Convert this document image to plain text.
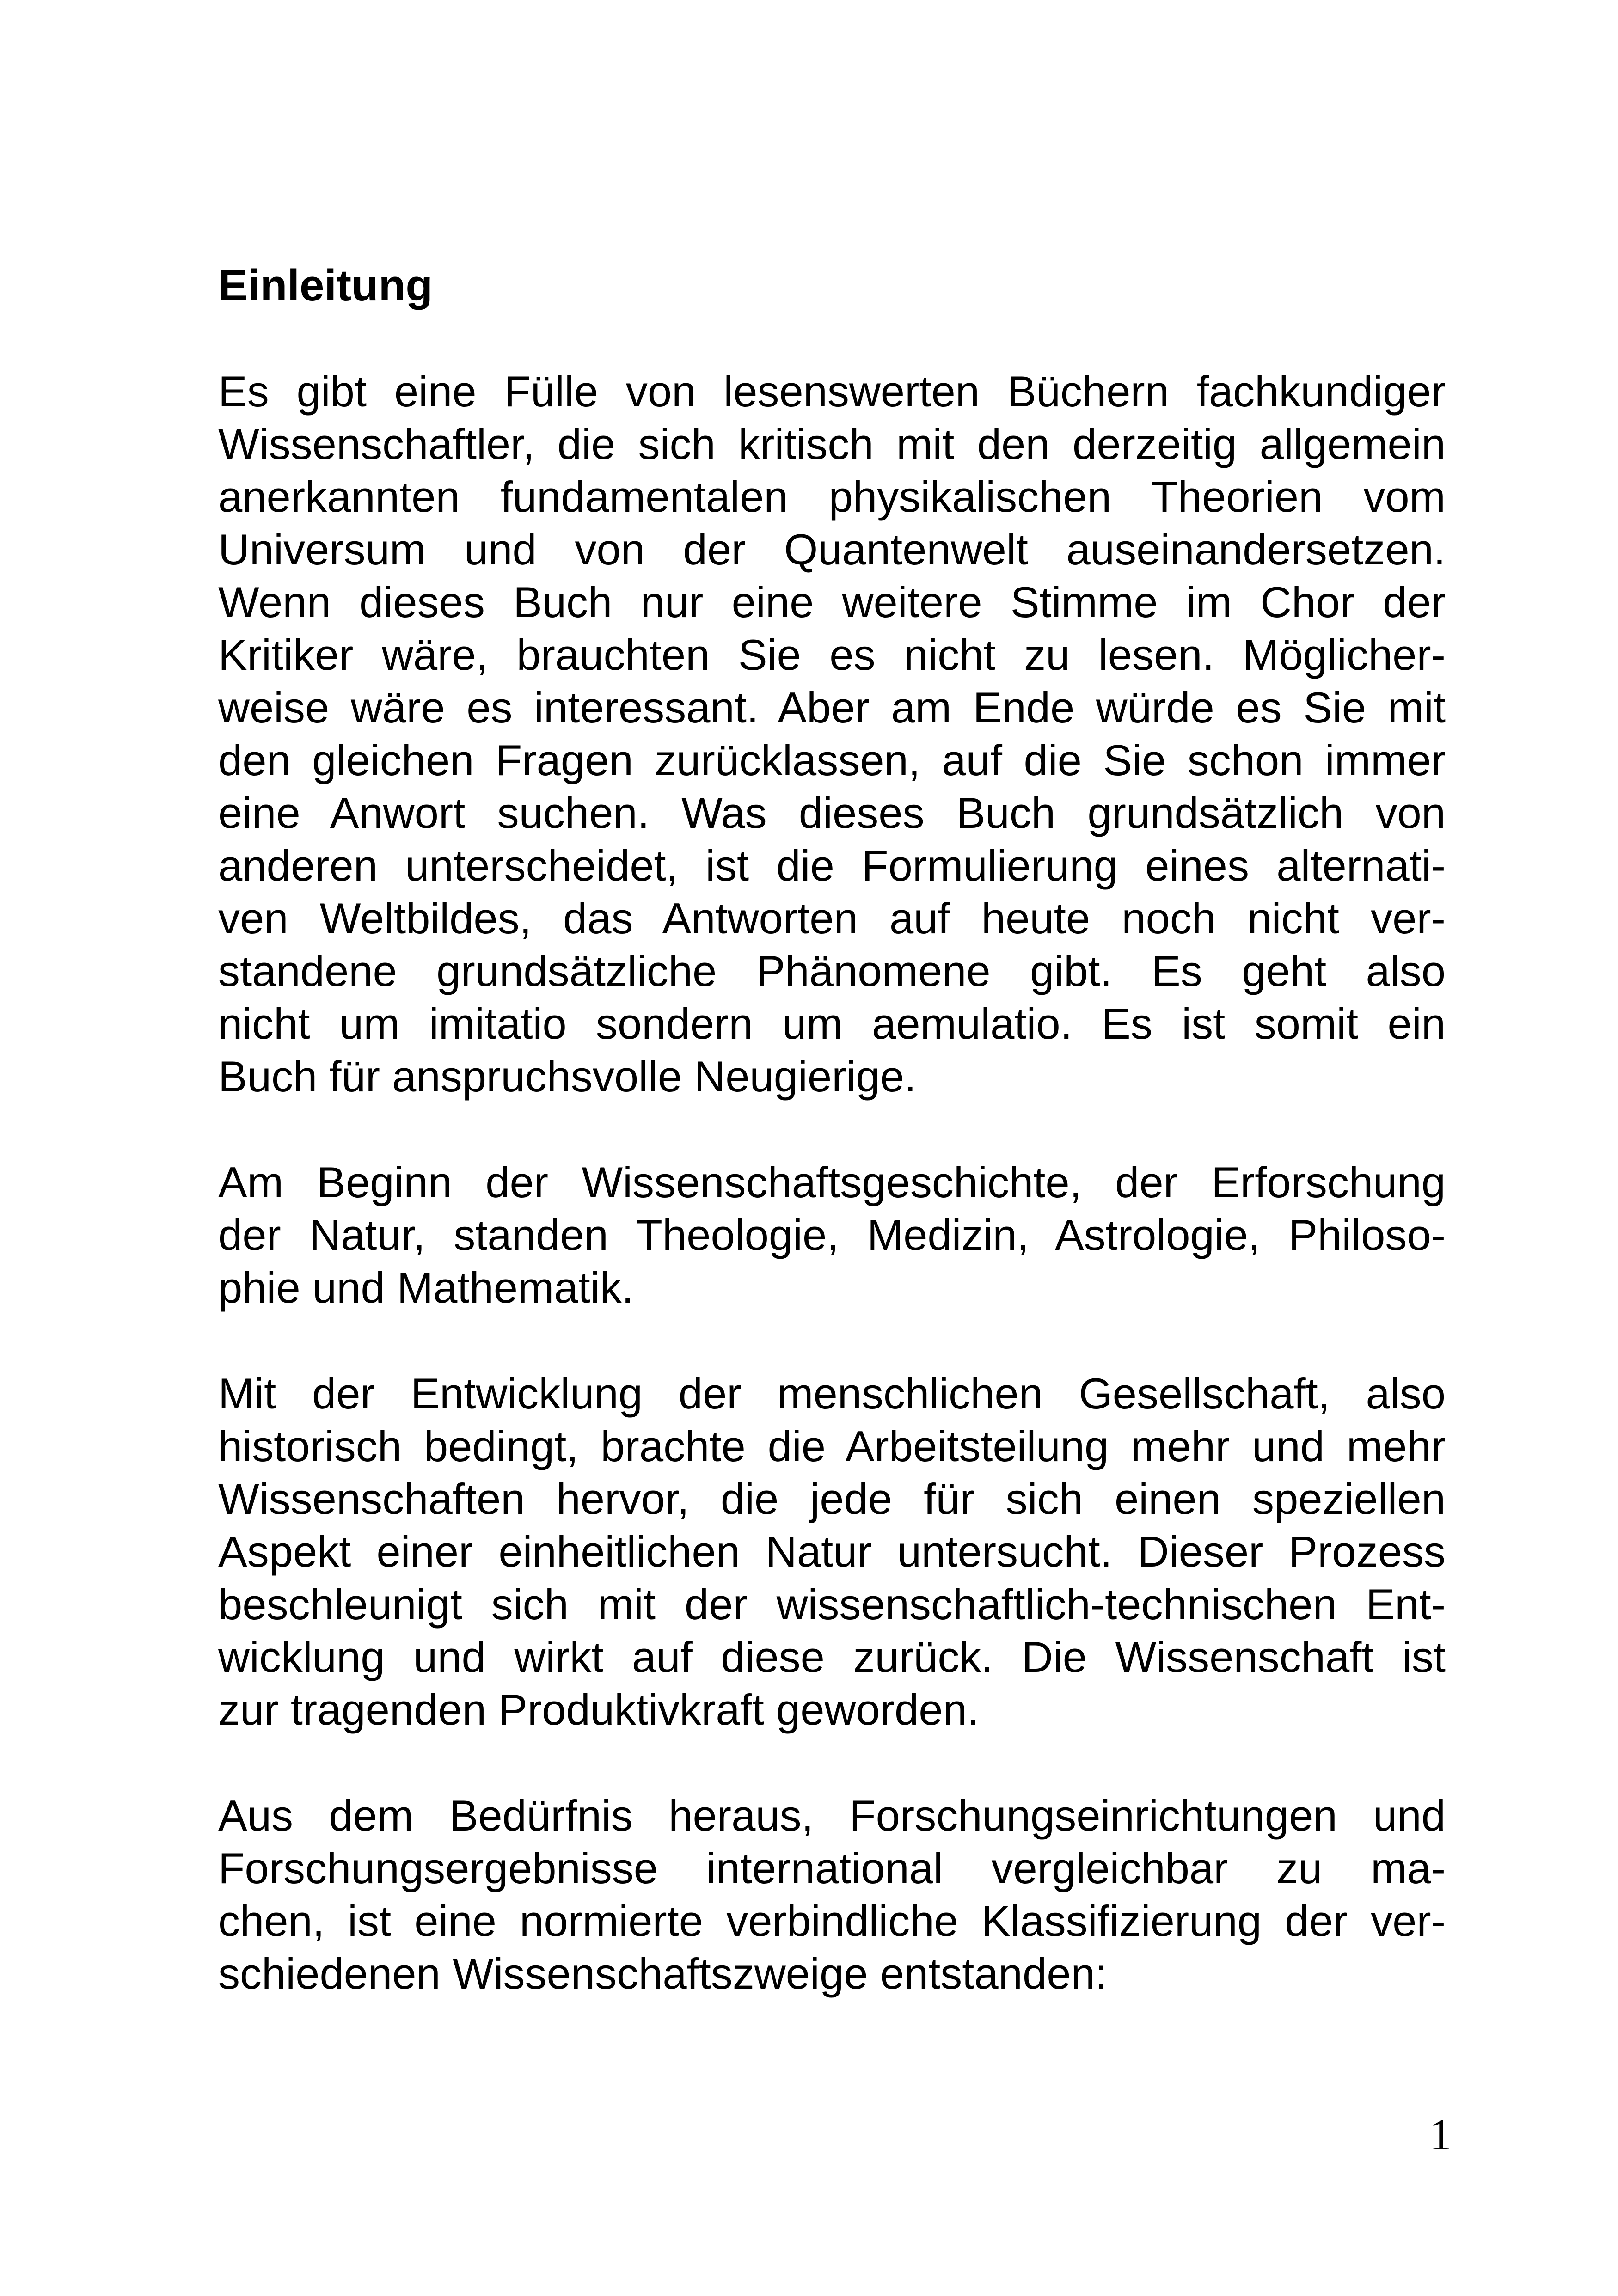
Einleitung

Es gibt eine Fülle von lesenswerten Büchern fachkundiger
Wissenschaftler, die sich kritisch mit den derzeitig allgemein
anerkannten fundamentalen physikalischen Theorien vom
Universum und von der Quantenwelt auseinandersetzen.
Wenn dieses Buch nur eine weitere Stimme im Chor der
Kritiker wäre, brauchten Sie es nicht zu lesen. Möglicher-
weise wäre es interessant. Aber am Ende würde es Sie mit
den gleichen Fragen zurücklassen, auf die Sie schon immer
eine Anwort suchen. Was dieses Buch grundsätzlich von
anderen unterscheidet, ist die Formulierung eines alternati-
ven Weltbildes, das Antworten auf heute noch nicht ver-
standene grundsätzliche Phänomene gibt. Es geht also
nicht um imitatio sondern um aemulatio. Es ist somit ein
Buch für anspruchsvolle Neugierige.

Am Beginn der Wissenschaftsgeschichte, der Erforschung
der Natur, standen Theologie, Medizin, Astrologie, Philoso-
phie und Mathematik.

Mit der Entwicklung der menschlichen Gesellschaft, also
historisch bedingt, brachte die Arbeitsteilung mehr und mehr
Wissenschaften hervor, die jede für sich einen speziellen
Aspekt einer einheitlichen Natur untersucht. Dieser Prozess
beschleunigt sich mit der wissenschaftlich-technischen Ent-
wicklung und wirkt auf diese zurück. Die Wissenschaft ist
zur tragenden Produktivkraft geworden.

Aus dem Bedürfnis heraus, Forschungseinrichtungen und
Forschungsergebnisse international vergleichbar zu ma-
chen, ist eine normierte verbindliche Klassifizierung der ver-
schiedenen Wissenschaftszweige entstanden:

1
